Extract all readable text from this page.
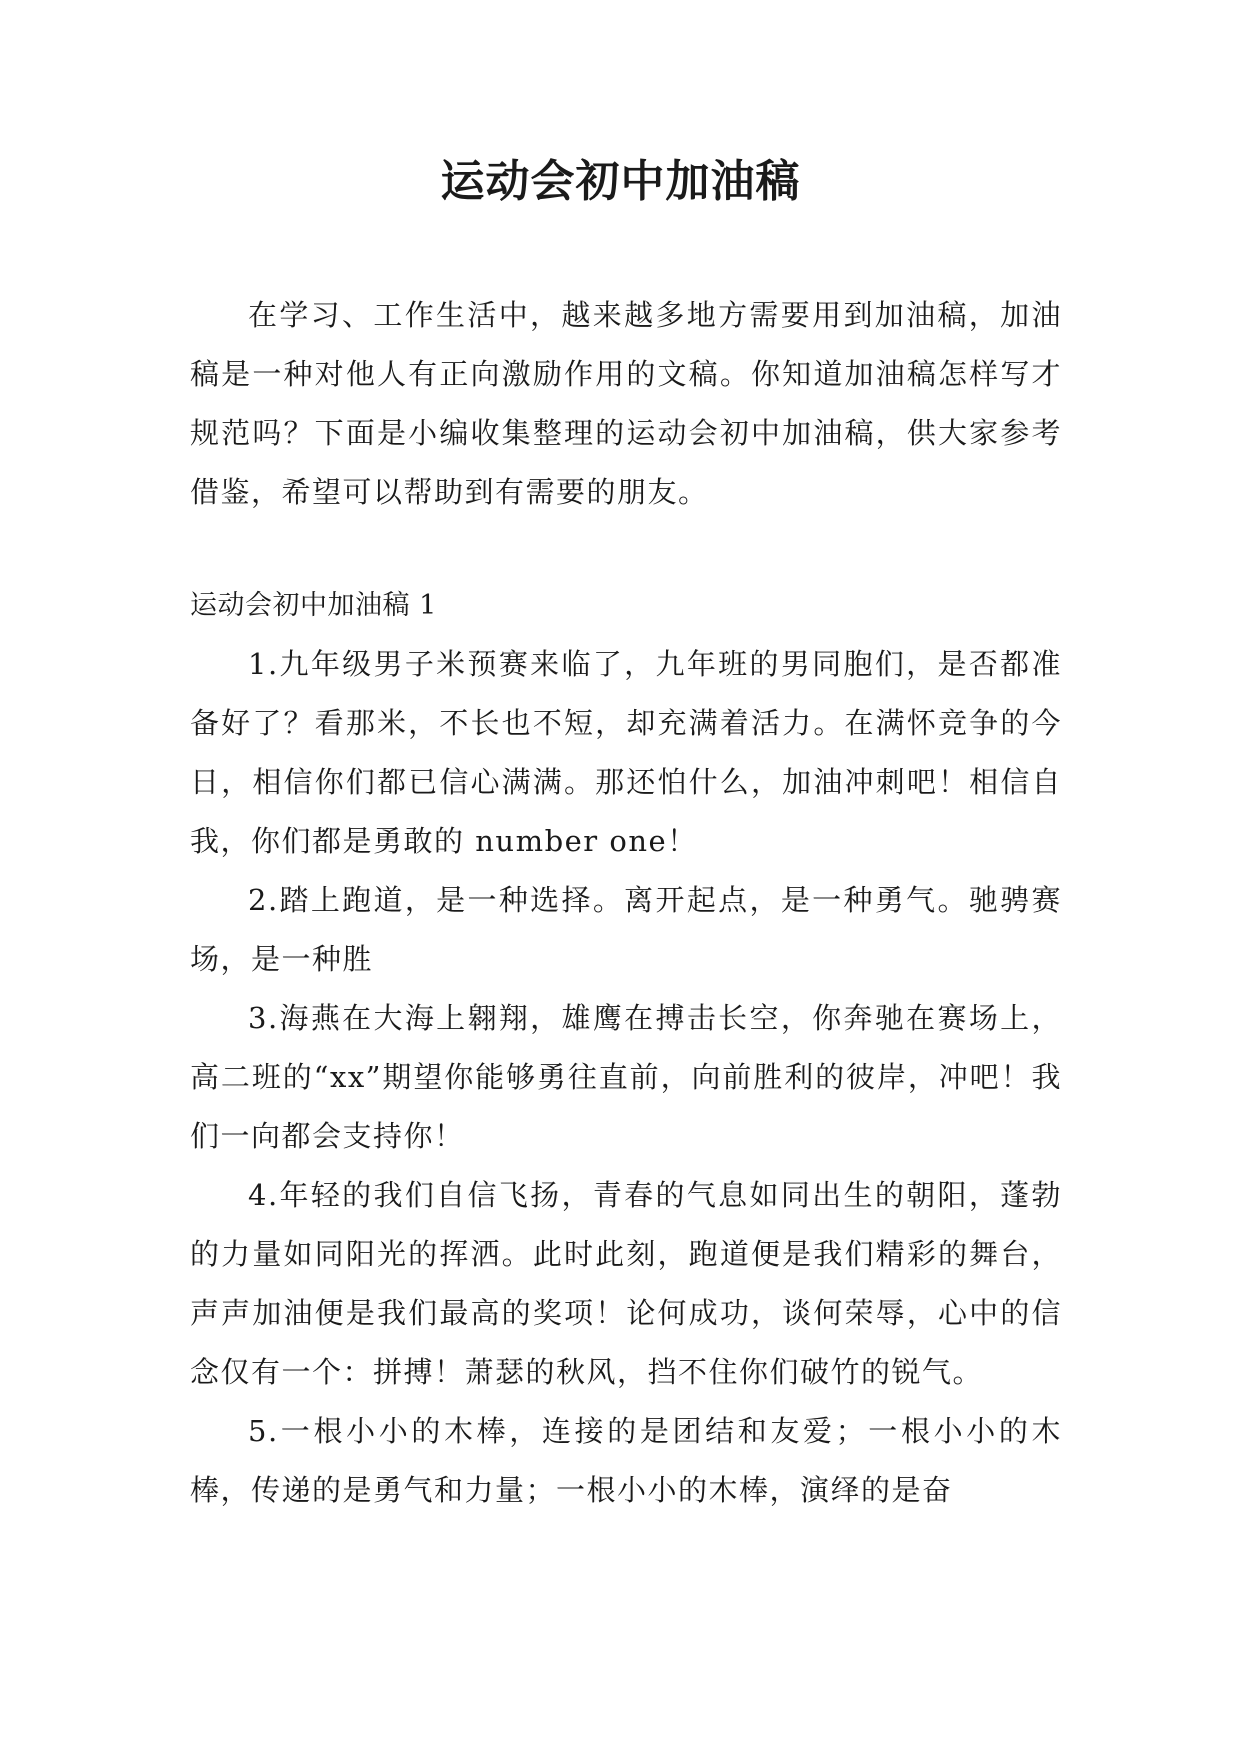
运动会初中加油稿

在学习、工作生活中，越来越多地方需要用到加油稿，加油稿是一种对他人有正向激励作用的文稿。你知道加油稿怎样写才规范吗？下面是小编收集整理的运动会初中加油稿，供大家参考借鉴，希望可以帮助到有需要的朋友。

运动会初中加油稿 1

1.九年级男子米预赛来临了，九年班的男同胞们，是否都准备好了？看那米，不长也不短，却充满着活力。在满怀竞争的今日，相信你们都已信心满满。那还怕什么，加油冲刺吧！相信自我，你们都是勇敢的 number one！

2.踏上跑道，是一种选择。离开起点，是一种勇气。驰骋赛场，是一种胜

3.海燕在大海上翱翔，雄鹰在搏击长空，你奔驰在赛场上，高二班的“xx”期望你能够勇往直前，向前胜利的彼岸，冲吧！我们一向都会支持你！

4.年轻的我们自信飞扬，青春的气息如同出生的朝阳，蓬勃的力量如同阳光的挥洒。此时此刻，跑道便是我们精彩的舞台，声声加油便是我们最高的奖项！论何成功，谈何荣辱，心中的信念仅有一个：拼搏！萧瑟的秋风，挡不住你们破竹的锐气。

5.一根小小的木棒，连接的是团结和友爱；一根小小的木棒，传递的是勇气和力量；一根小小的木棒，演绎的是奋
